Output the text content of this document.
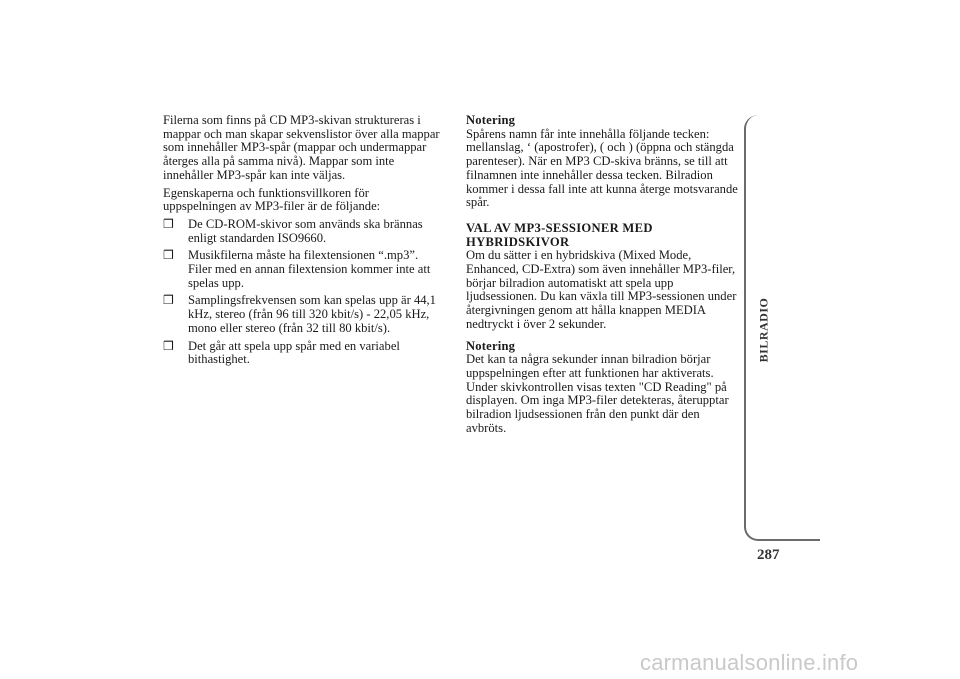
Filerna som finns på CD MP3-skivan struktureras i mappar och man skapar sekvenslistor över alla mappar som innehåller MP3-spår (mappar och undermappar återges alla på samma nivå). Mappar som inte innehåller MP3-spår kan inte väljas.

Egenskaperna och funktionsvillkoren för uppspelningen av MP3-filer är de följande:

❒	De CD-ROM-skivor som används ska brännas enligt standarden ISO9660.
❒	Musikfilerna måste ha filextensionen “.mp3”. Filer med en annan filextension kommer inte att spelas upp.
❒	Samplingsfrekvensen som kan spelas upp är 44,1 kHz, stereo (från 96 till 320 kbit/s) - 22,05 kHz, mono eller stereo (från 32 till 80 kbit/s).
❒	Det går att spela upp spår med en variabel bithastighet.
Notering

Spårens namn får inte innehålla följande tecken: mellanslag, ‘ (apostrofer), ( och ) (öppna och stängda parenteser). När en MP3 CD-skiva bränns, se till att filnamnen inte innehåller dessa tecken. Bilradion kommer i dessa fall inte att kunna återge motsvarande spår.

VAL AV MP3-SESSIONER MED
HYBRIDSKIVOR

Om du sätter i en hybridskiva (Mixed Mode, Enhanced, CD-Extra) som även innehåller MP3-filer, börjar bilradion automatiskt att spela upp ljudsessionen. Du kan växla till MP3-sessionen under återgivningen genom att hålla knappen MEDIA nedtryckt i över 2 sekunder.

Notering

Det kan ta några sekunder innan bilradion börjar uppspelningen efter att funktionen har aktiverats. Under skivkontrollen visas texten "CD Reading" på displayen. Om inga MP3-filer detekteras, återupptar bilradion ljudsessionen från den punkt där den avbröts.

BILRADIO
287
carmanualsonline.info
